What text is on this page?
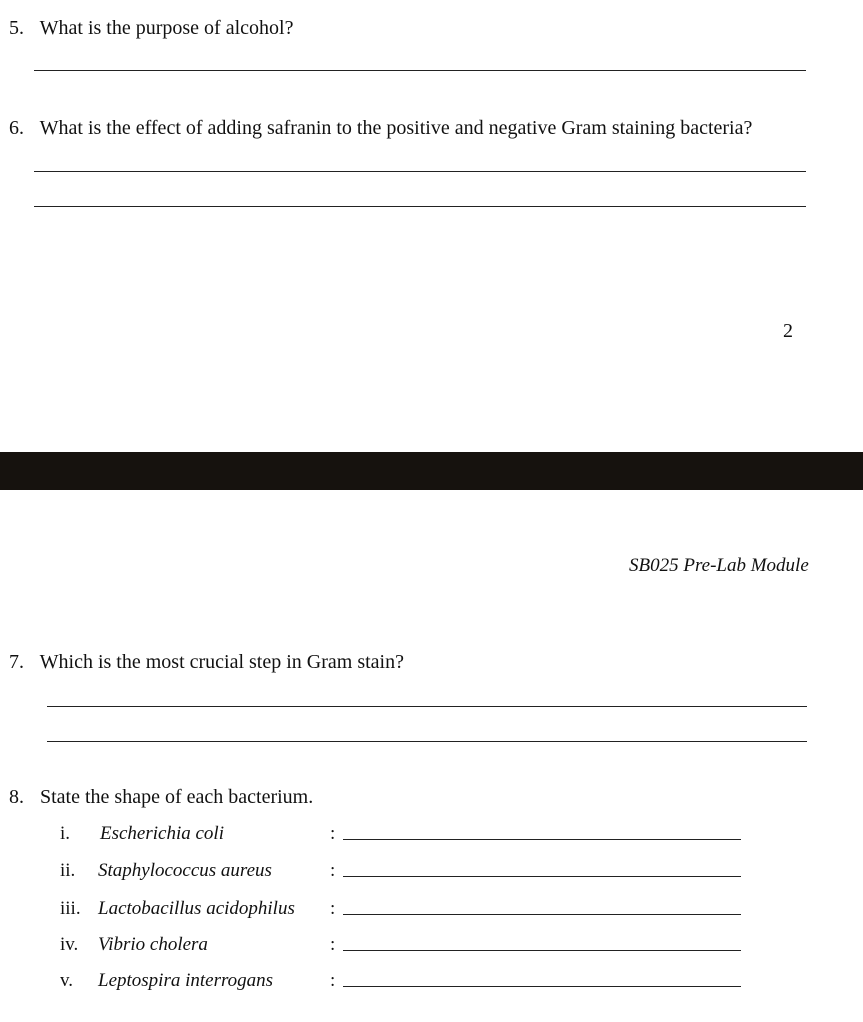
5. What is the purpose of alcohol?
6. What is the effect of adding safranin to the positive and negative Gram staining bacteria?
2
SB025 Pre-Lab Module
7. Which is the most crucial step in Gram stain?
8. State the shape of each bacterium.
i. Escherichia coli	:
ii. Staphylococcus aureus	:
iii. Lactobacillus acidophilus :
iv. Vibrio cholera	:
v. Leptospira interrogans	:
